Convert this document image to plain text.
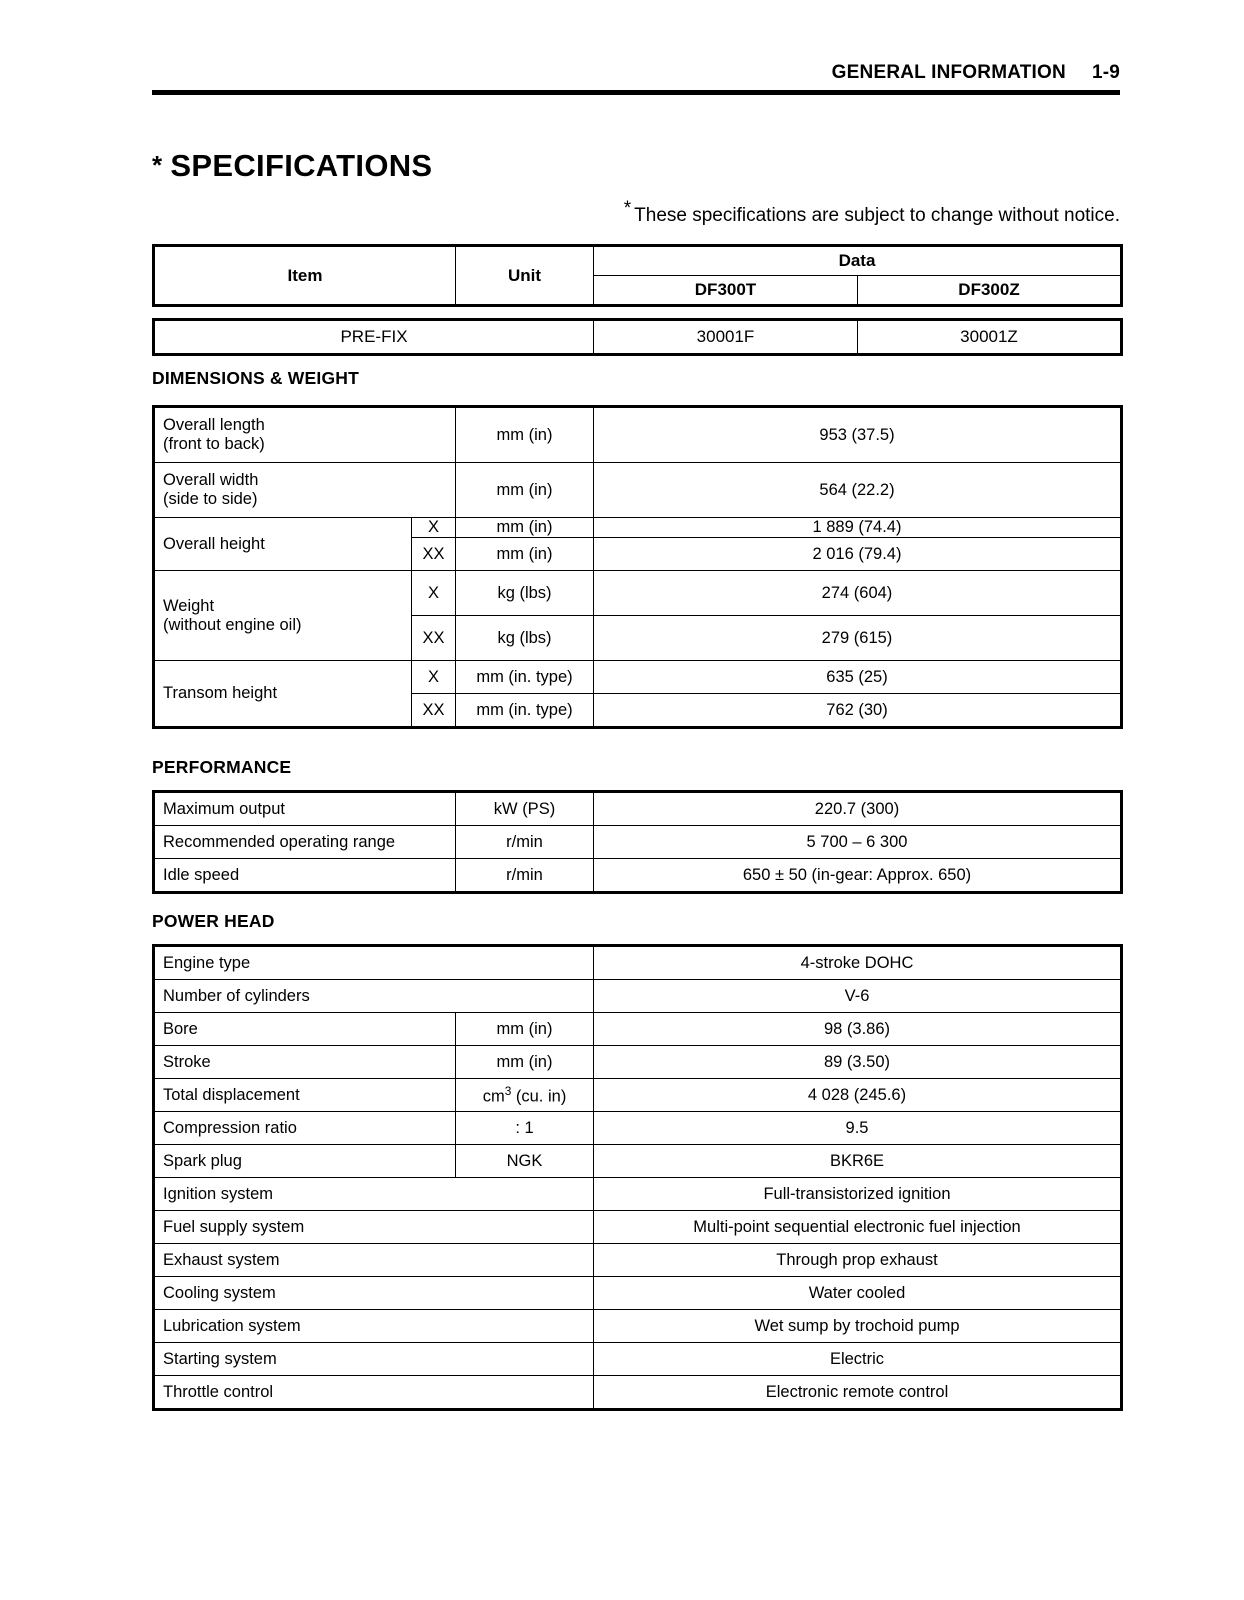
GENERAL INFORMATION 1-9
* SPECIFICATIONS
* These specifications are subject to change without notice.
Item	Unit	Data	
		DF300T	DF300Z
PRE-FIX	30001F	30001Z
DIMENSIONS & WEIGHT
Overall length
(front to back)		mm (in)	953 (37.5)

Overall width
(side to side)		mm (in)	564 (22.2)
Overall height	X	mm (in)	1 889 (74.4)
	XX	mm (in)	2 016 (79.4)

Weight
(without engine oil)	X	kg (lbs)	274 (604)
	XX	kg (lbs)	279 (615)
Transom height	X	mm (in. type)	635 (25)
	XX	mm (in. type)	762 (30)
PERFORMANCE
Maximum output	kW (PS)	220.7 (300)
Recommended operating range	r/min	5 700 – 6 300
Idle speed	r/min	650 ± 50 (in-gear: Approx. 650)
POWER HEAD
Engine type		4-stroke DOHC
Number of cylinders		V-6
Bore	mm (in)	98 (3.86)
Stroke	mm (in)	89 (3.50)
Total displacement	$cm^3$ (cu. in)	4 028 (245.6)
Compression ratio	: 1	9.5
Spark plug	NGK	BKR6E
Ignition system		Full-transistorized ignition
Fuel supply system		Multi-point sequential electronic fuel injection
Exhaust system		Through prop exhaust
Cooling system		Water cooled
Lubrication system		Wet sump by trochoid pump
Starting system		Electric
Throttle control		Electronic remote control
